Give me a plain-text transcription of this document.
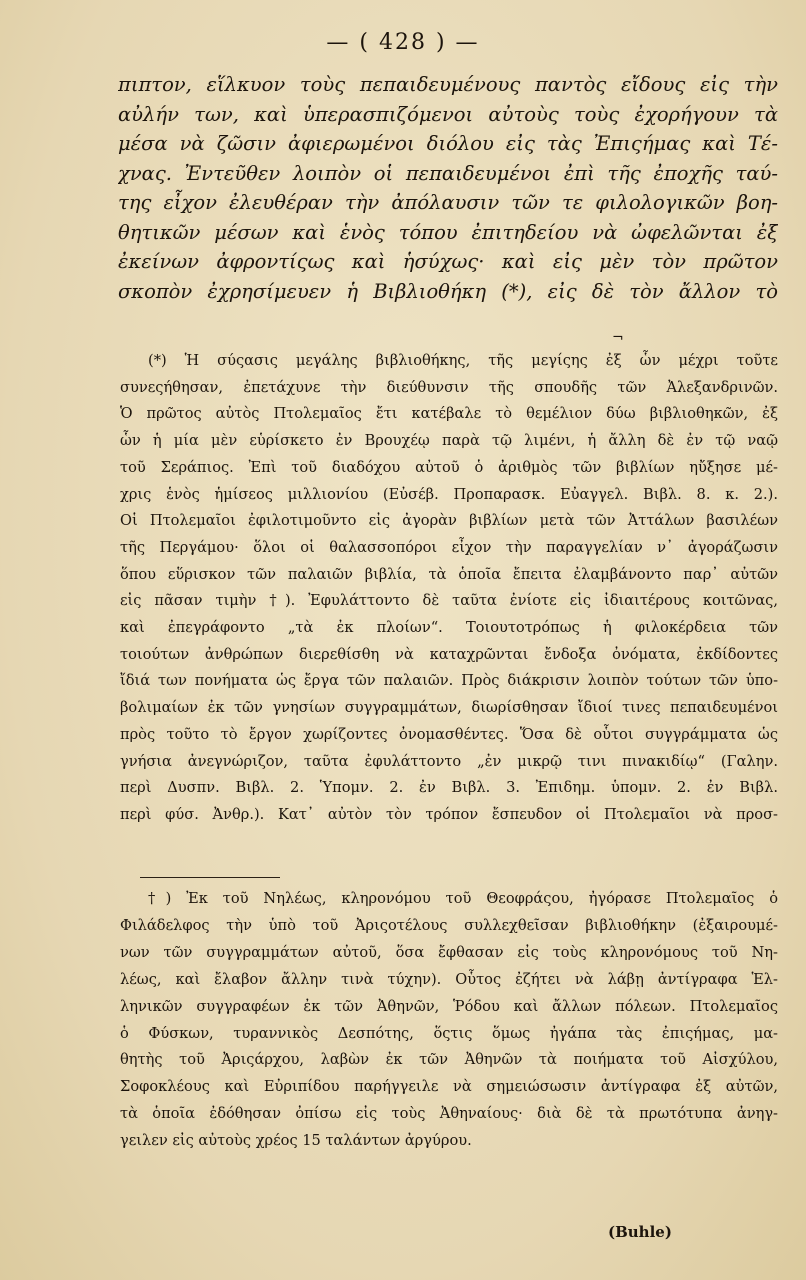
— ( 428 ) —
πιπτον, εἵλκυον τοὺς πεπαιδευμένους παντὸς εἴδους εἰς τὴν
αὐλήν των, καὶ ὑπερασπιζόμενοι αὐτοὺς τοὺς ἐχορήγουν τὰ
μέσα νὰ ζῶσιν ἀφιερωμένοι διόλου εἰς τὰς Ἐπιςήμας καὶ Τέ-
χνας. Ἐντεῦθεν λοιπὸν οἱ πεπαιδευμένοι ἐπὶ τῆς ἐποχῆς ταύ-
της εἶχον ἐλευθέραν τὴν ἀπόλαυσιν τῶν τε φιλολογικῶν βοη-
θητικῶν μέσων καὶ ἑνὸς τόπου ἐπιτηδείου νὰ ὠφελῶνται ἐξ
ἐκείνων ἀφροντίςως καὶ ἡσύχως· καὶ εἰς μὲν τὸν πρῶτον
σκοπὸν ἐχρησίμευεν ἡ Βιβλιοθήκη (*), εἰς δὲ τὸν ἄλλον τὸ
¬
(*) Ἡ σύςασις μεγάλης βιβλιοθήκης, τῆς μεγίςης ἐξ ὧν μέχρι τοῦτε
συνεςήθησαν, ἐπετάχυνε τὴν διεύθυνσιν τῆς σπουδῆς τῶν Ἀλεξανδρινῶν.
Ὁ πρῶτος αὐτὸς Πτολεμαῖος ἔτι κατέβαλε τὸ θεμέλιον δύω βιβλιοθηκῶν, ἐξ
ὧν ἡ μία μὲν εὑρίσκετο ἐν Βρουχέῳ παρὰ τῷ λιμένι, ἡ ἄλλη δὲ ἐν τῷ ναῷ
τοῦ Σεράπιος. Ἐπὶ τοῦ διαδόχου αὐτοῦ ὁ ἀριθμὸς τῶν βιβλίων ηὔξησε μέ-
χρις ἑνὸς ἡμίσεος μιλλιονίου (Εὐσέβ. Προπαρασκ. Εὐαγγελ. Βιβλ. 8. κ. 2.).
Οἱ Πτολεμαῖοι ἐφιλοτιμοῦντο εἰς ἀγορὰν βιβλίων μετὰ τῶν Ἀττάλων βασιλέων
τῆς Περγάμου· ὅλοι οἱ θαλασσοπόροι εἶχον τὴν παραγγελίαν ν᾽ ἀγοράζωσιν
ὅπου εὕρισκον τῶν παλαιῶν βιβλία, τὰ ὁποῖα ἔπειτα ἐλαμβάνοντο παρ᾽ αὐτῶν
εἰς πᾶσαν τιμὴν †). Ἐφυλάττοντο δὲ ταῦτα ἐνίοτε εἰς ἰδιαιτέρους κοιτῶνας,
καὶ ἐπεγράφοντο „τὰ ἐκ πλοίων“. Τοιουτοτρόπως ἡ φιλοκέρδεια τῶν
τοιούτων ἀνθρώπων διερεθίσθη νὰ καταχρῶνται ἔνδοξα ὀνόματα, ἐκδίδοντες
ἴδιά των πονήματα ὡς ἔργα τῶν παλαιῶν. Πρὸς διάκρισιν λοιπὸν τούτων τῶν ὑπο-
βολιμαίων ἐκ τῶν γνησίων συγγραμμάτων, διωρίσθησαν ἴδιοί τινες πεπαιδευμένοι
πρὸς τοῦτο τὸ ἔργον χωρίζοντες ὀνομασθέντες. Ὅσα δὲ οὗτοι συγγράμματα ὡς
γνήσια ἀνεγνώριζον, ταῦτα ἐφυλάττοντο „ἐν μικρῷ τινι πινακιδίῳ“ (Γαλην.
περὶ Δυσπν. Βιβλ. 2. Ὑπομν. 2. ἐν Βιβλ. 3. Ἐπιδημ. ὑπομν. 2. ἐν Βιβλ.
περὶ φύσ. Ἀνθρ.). Κατ᾽ αὐτὸν τὸν τρόπον ἔσπευδον οἱ Πτολεμαῖοι νὰ προσ-
†) Ἐκ τοῦ Νηλέως, κληρονόμου τοῦ Θεοφράςου, ἠγόρασε Πτολεμαῖος ὁ
Φιλάδελφος τὴν ὑπὸ τοῦ Ἀριςοτέλους συλλεχθεῖσαν βιβλιοθήκην (ἐξαιρουμέ-
νων τῶν συγγραμμάτων αὐτοῦ, ὅσα ἔφθασαν εἰς τοὺς κληρονόμους τοῦ Νη-
λέως, καὶ ἔλαβον ἄλλην τινὰ τύχην). Οὗτος ἐζήτει νὰ λάβῃ ἀντίγραφα Ἑλ-
ληνικῶν συγγραφέων ἐκ τῶν Ἀθηνῶν, Ῥόδου καὶ ἄλλων πόλεων. Πτολεμαῖος
ὁ Φύσκων, τυραννικὸς Δεσπότης, ὅςτις ὅμως ἠγάπα τὰς ἐπιςήμας, μα-
θητὴς τοῦ Ἀριςάρχου, λαβὼν ἐκ τῶν Ἀθηνῶν τὰ ποιήματα τοῦ Αἰσχύλου,
Σοφοκλέους καὶ Εὐριπίδου παρήγγειλε νὰ σημειώσωσιν ἀντίγραφα ἐξ αὐτῶν,
τὰ ὁποῖα ἐδόθησαν ὀπίσω εἰς τοὺς Ἀθηναίους· διὰ δὲ τὰ πρωτότυπα ἀνηγ-
γειλεν εἰς αὐτοὺς χρέος 15 ταλάντων ἀργύρου.
(Buhle)
